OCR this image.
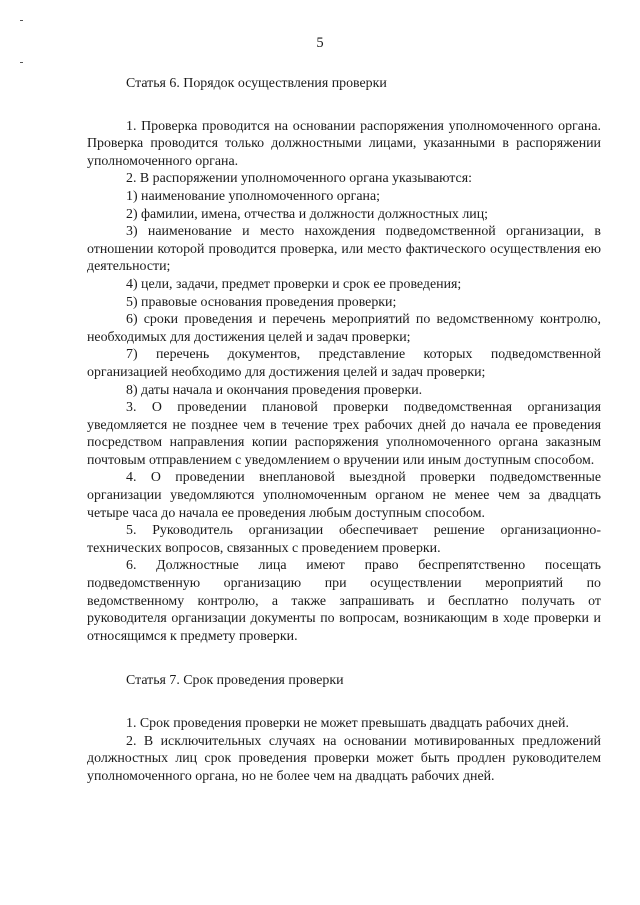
5
Статья 6. Порядок осуществления проверки

1. Проверка проводится на основании распоряжения уполномоченного органа. Проверка проводится только должностными лицами, указанными в распоряжении уполномоченного органа.

2. В распоряжении уполномоченного органа указываются:

1) наименование уполномоченного органа;

2) фамилии, имена, отчества и должности должностных лиц;

3) наименование и место нахождения подведомственной организации, в отношении которой проводится проверка, или место фактического осуществления ею деятельности;

4) цели, задачи, предмет проверки и срок ее проведения;

5) правовые основания проведения проверки;

6) сроки проведения и перечень мероприятий по ведомственному контролю, необходимых для достижения целей и задач проверки;

7) перечень документов, представление которых подведомственной организацией необходимо для достижения целей и задач проверки;

8) даты начала и окончания проведения проверки.

3. О проведении плановой проверки подведомственная организация уведомляется не позднее чем в течение трех рабочих дней до начала ее проведения посредством направления копии распоряжения уполномоченного органа заказным почтовым отправлением с уведомлением о вручении или иным доступным способом.

4. О проведении внеплановой выездной проверки подведомственные организации уведомляются уполномоченным органом не менее чем за двадцать четыре часа до начала ее проведения любым доступным способом.

5. Руководитель организации обеспечивает решение организационно-технических вопросов, связанных с проведением проверки.

6. Должностные лица имеют право беспрепятственно посещать подведомственную организацию при осуществлении мероприятий по ведомственному контролю, а также запрашивать и бесплатно получать от руководителя организации документы по вопросам, возникающим в ходе проверки и относящимся к предмету проверки.

Статья 7. Срок проведения проверки

1. Срок проведения проверки не может превышать двадцать рабочих дней.

2. В исключительных случаях на основании мотивированных предложений должностных лиц срок проведения проверки может быть продлен руководителем уполномоченного органа, но не более чем на двадцать рабочих дней.
